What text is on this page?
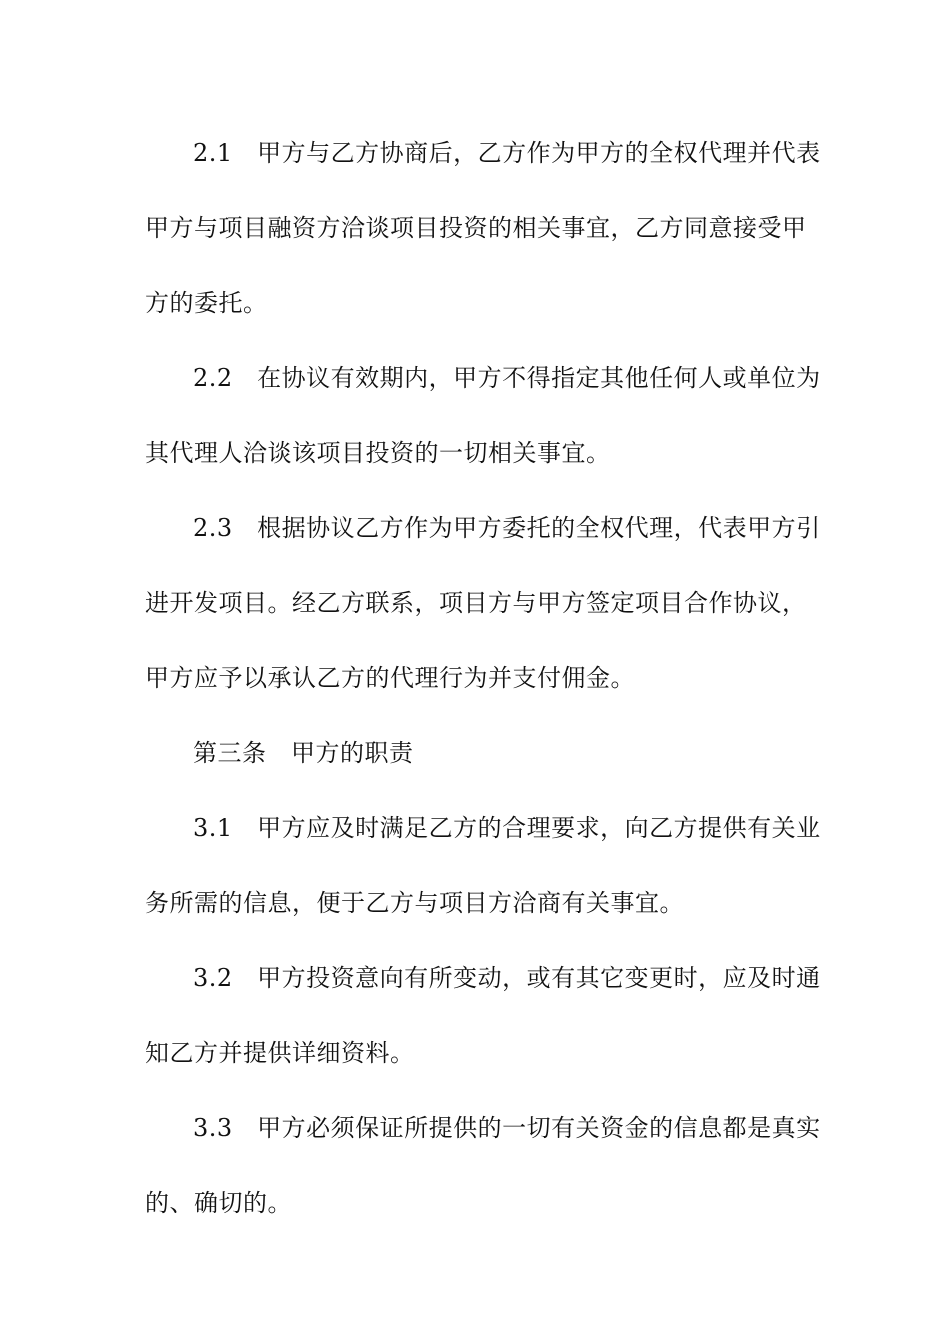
2.1　甲方与乙方协商后，乙方作为甲方的全权代理并代表
甲方与项目融资方洽谈项目投资的相关事宜，乙方同意接受甲
方的委托。
2.2　在协议有效期内，甲方不得指定其他任何人或单位为
其代理人洽谈该项目投资的一切相关事宜。
2.3　根据协议乙方作为甲方委托的全权代理，代表甲方引
进开发项目。经乙方联系，项目方与甲方签定项目合作协议，
甲方应予以承认乙方的代理行为并支付佣金。
第三条　甲方的职责
3.1　甲方应及时满足乙方的合理要求，向乙方提供有关业
务所需的信息，便于乙方与项目方洽商有关事宜。
3.2　甲方投资意向有所变动，或有其它变更时，应及时通
知乙方并提供详细资料。
3.3　甲方必须保证所提供的一切有关资金的信息都是真实
的、确切的。
